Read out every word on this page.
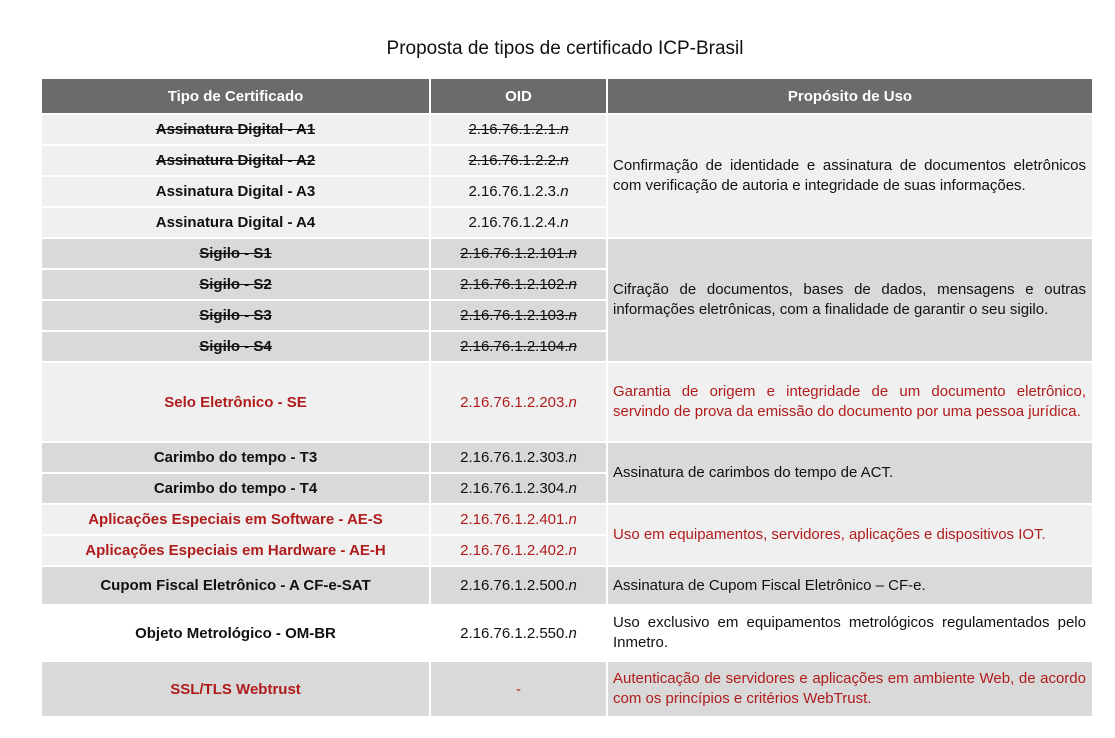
Proposta de tipos de certificado ICP-Brasil
Tipo de Certificado	OID	Propósito de Uso
Assinatura Digital - A1	2.16.76.1.2.1.n	Confirmação de identidade e assinatura de documentos eletrônicos com verificação de autoria e integridade de suas informações.
Assinatura Digital - A2	2.16.76.1.2.2.n	
Assinatura Digital - A3	2.16.76.1.2.3.n	
Assinatura Digital - A4	2.16.76.1.2.4.n	
Sigilo - S1	2.16.76.1.2.101.n	Cifração de documentos, bases de dados, mensagens e outras informações eletrônicas, com a finalidade de garantir o seu sigilo.
Sigilo - S2	2.16.76.1.2.102.n	
Sigilo - S3	2.16.76.1.2.103.n	
Sigilo - S4	2.16.76.1.2.104.n	
Selo Eletrônico - SE	2.16.76.1.2.203.n	Garantia de origem e integridade de um documento eletrônico, servindo de prova da emissão do documento por uma pessoa jurídica.
Carimbo do tempo - T3	2.16.76.1.2.303.n	Assinatura de carimbos do tempo de ACT.
Carimbo do tempo - T4	2.16.76.1.2.304.n	
Aplicações Especiais em Software - AE-S	2.16.76.1.2.401.n	Uso em equipamentos, servidores, aplicações e dispositivos IOT.
Aplicações Especiais em Hardware - AE-H	2.16.76.1.2.402.n	
Cupom Fiscal Eletrônico - A CF-e-SAT	2.16.76.1.2.500.n	Assinatura de Cupom Fiscal Eletrônico – CF-e.
Objeto Metrológico - OM-BR	2.16.76.1.2.550.n	Uso exclusivo em equipamentos metrológicos regulamentados pelo Inmetro.
SSL/TLS Webtrust	-	Autenticação de servidores e aplicações em ambiente Web, de acordo com os princípios e critérios WebTrust.
